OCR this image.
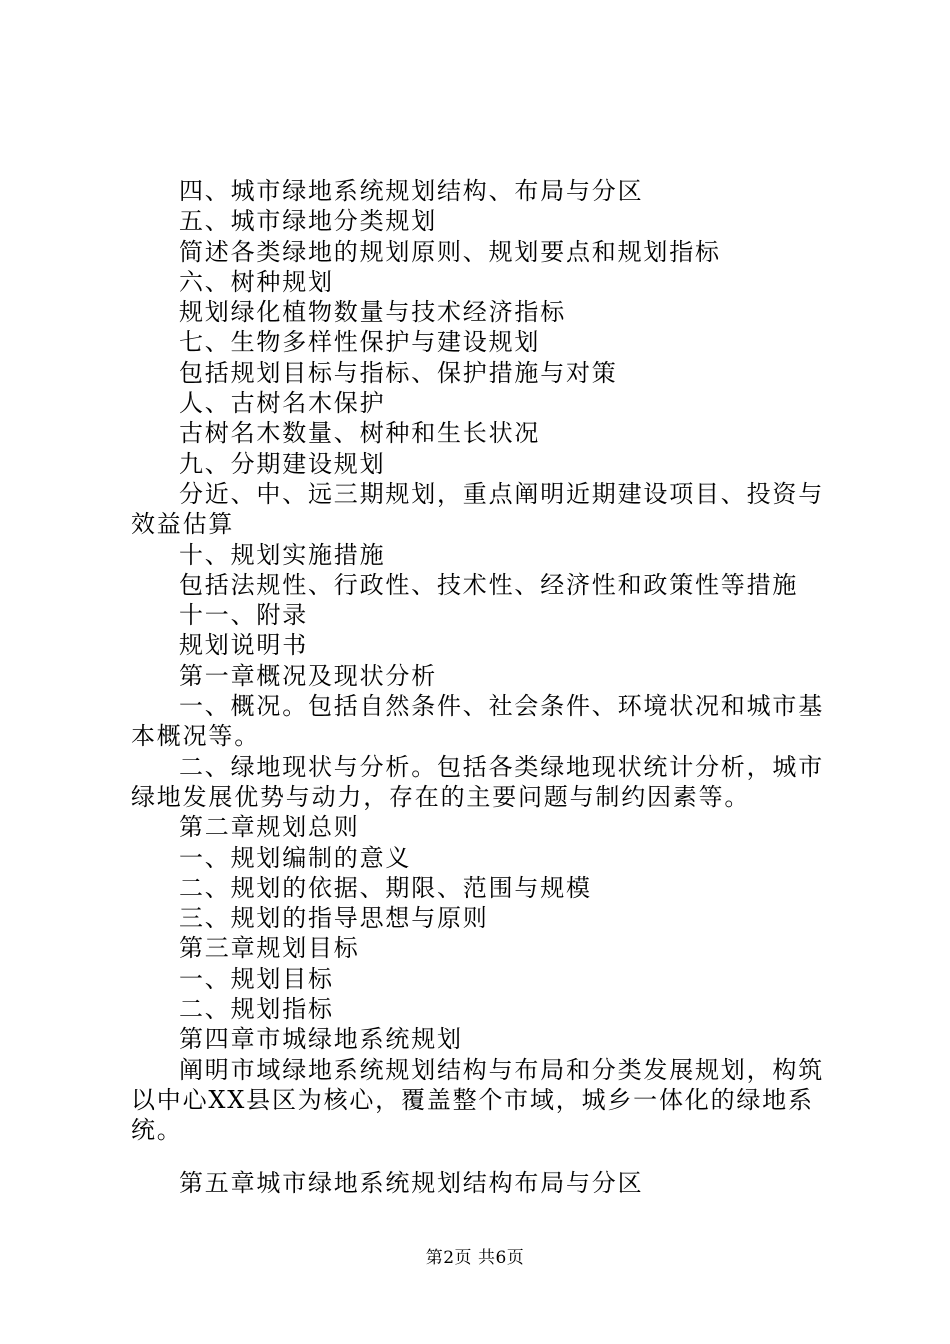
四、城市绿地系统规划结构、布局与分区

五、城市绿地分类规划

简述各类绿地的规划原则、规划要点和规划指标

六、树种规划

规划绿化植物数量与技术经济指标

七、生物多样性保护与建设规划

包括规划目标与指标、保护措施与对策

人、古树名木保护

古树名木数量、树种和生长状况

九、分期建设规划

分近、中、远三期规划，重点阐明近期建设项目、投资与效益估算

十、规划实施措施

包括法规性、行政性、技术性、经济性和政策性等措施

十一、附录

规划说明书

第一章概况及现状分析

一、概况。包括自然条件、社会条件、环境状况和城市基本概况等。

二、绿地现状与分析。包括各类绿地现状统计分析，城市绿地发展优势与动力，存在的主要问题与制约因素等。

第二章规划总则

一、规划编制的意义

二、规划的依据、期限、范围与规模

三、规划的指导思想与原则

第三章规划目标

一、规划目标

二、规划指标

第四章市城绿地系统规划

阐明市域绿地系统规划结构与布局和分类发展规划，构筑以中心XX县区为核心，覆盖整个市域，城乡一体化的绿地系统。

第五章城市绿地系统规划结构布局与分区

第2页 共6页
